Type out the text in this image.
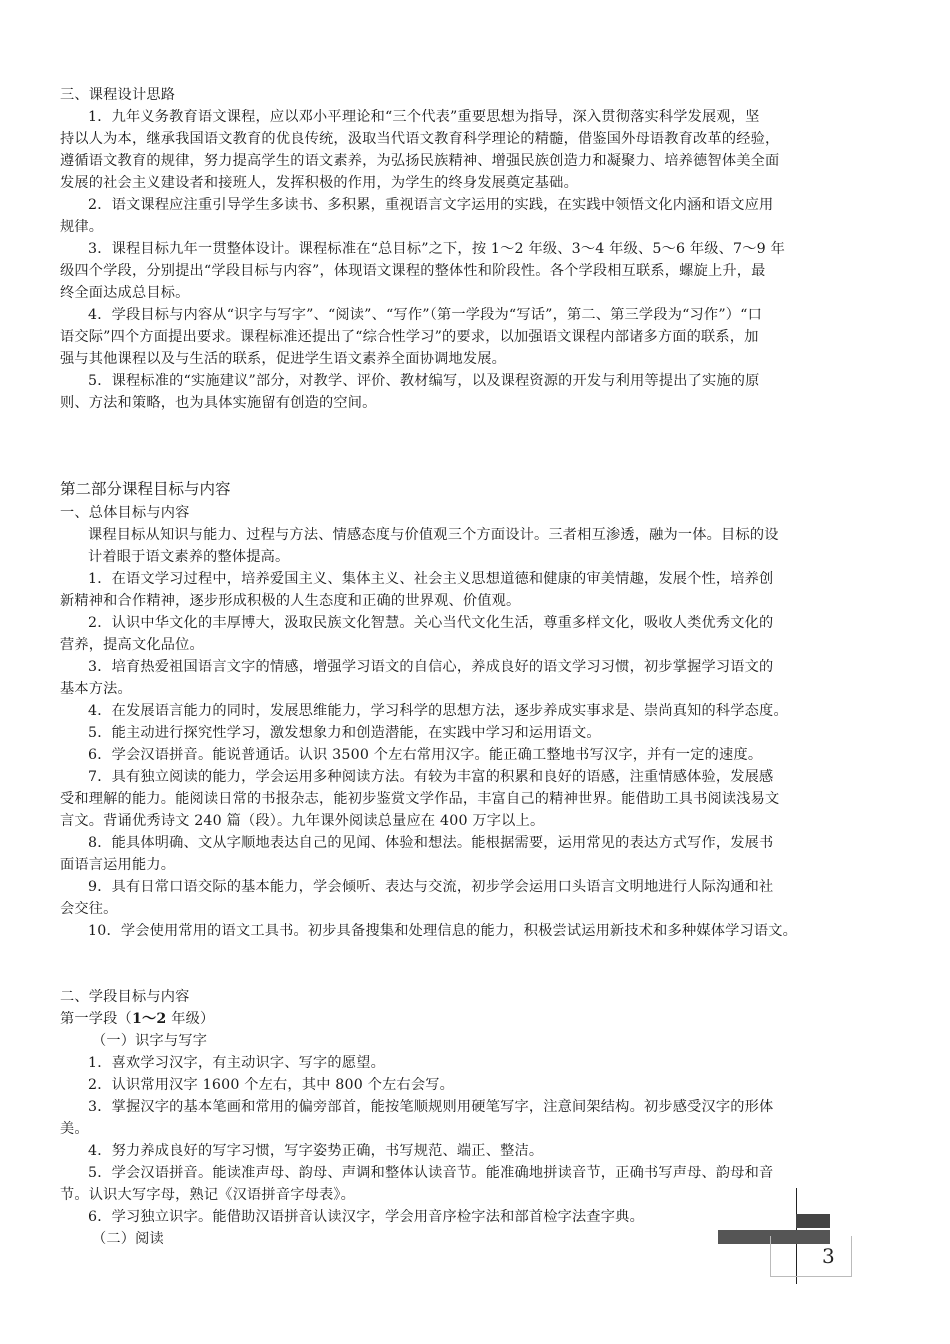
三、课程设计思路

1．九年义务教育语文课程，应以邓小平理论和“三个代表”重要思想为指导，深入贯彻落实科学发展观，坚

持以人为本，继承我国语文教育的优良传统，汲取当代语文教育科学理论的精髓，借鉴国外母语教育改革的经验，

遵循语文教育的规律，努力提高学生的语文素养，为弘扬民族精神、增强民族创造力和凝聚力、培养德智体美全面

发展的社会主义建设者和接班人，发挥积极的作用，为学生的终身发展奠定基础。

2．语文课程应注重引导学生多读书、多积累，重视语言文字运用的实践，在实践中领悟文化内涵和语文应用

规律。

3．课程目标九年一贯整体设计。课程标准在“总目标”之下，按 1～2 年级、3～4 年级、5～6 年级、7～9 年

级四个学段，分别提出“学段目标与内容”，体现语文课程的整体性和阶段性。各个学段相互联系，螺旋上升，最

终全面达成总目标。

4．学段目标与内容从“识字与写字”、“阅读”、“写作”（第一学段为“写话”，第二、第三学段为“习作”）“口

语交际”四个方面提出要求。课程标准还提出了“综合性学习”的要求，以加强语文课程内部诸多方面的联系，加

强与其他课程以及与生活的联系，促进学生语文素养全面协调地发展。

5．课程标准的“实施建议”部分，对教学、评价、教材编写，以及课程资源的开发与利用等提出了实施的原

则、方法和策略，也为具体实施留有创造的空间。

第二部分课程目标与内容

一、总体目标与内容

课程目标从知识与能力、过程与方法、情感态度与价值观三个方面设计。三者相互渗透，融为一体。目标的设

计着眼于语文素养的整体提高。

1．在语文学习过程中，培养爱国主义、集体主义、社会主义思想道德和健康的审美情趣，发展个性，培养创

新精神和合作精神，逐步形成积极的人生态度和正确的世界观、价值观。

2．认识中华文化的丰厚博大，汲取民族文化智慧。关心当代文化生活，尊重多样文化，吸收人类优秀文化的

营养，提高文化品位。

3．培育热爱祖国语言文字的情感，增强学习语文的自信心，养成良好的语文学习习惯，初步掌握学习语文的

基本方法。

4．在发展语言能力的同时，发展思维能力，学习科学的思想方法，逐步养成实事求是、崇尚真知的科学态度。

5．能主动进行探究性学习，激发想象力和创造潜能，在实践中学习和运用语文。

6．学会汉语拼音。能说普通话。认识 3500 个左右常用汉字。能正确工整地书写汉字，并有一定的速度。

7．具有独立阅读的能力，学会运用多种阅读方法。有较为丰富的积累和良好的语感，注重情感体验，发展感

受和理解的能力。能阅读日常的书报杂志，能初步鉴赏文学作品，丰富自己的精神世界。能借助工具书阅读浅易文

言文。背诵优秀诗文 240 篇（段）。九年课外阅读总量应在 400 万字以上。

8．能具体明确、文从字顺地表达自己的见闻、体验和想法。能根据需要，运用常见的表达方式写作，发展书

面语言运用能力。

9．具有日常口语交际的基本能力，学会倾听、表达与交流，初步学会运用口头语言文明地进行人际沟通和社

会交往。

10．学会使用常用的语文工具书。初步具备搜集和处理信息的能力，积极尝试运用新技术和多种媒体学习语文。

二、学段目标与内容

第一学段（1～2 年级）

（一）识字与写字

1．喜欢学习汉字，有主动识字、写字的愿望。

2．认识常用汉字 1600 个左右，其中 800 个左右会写。

3．掌握汉字的基本笔画和常用的偏旁部首，能按笔顺规则用硬笔写字，注意间架结构。初步感受汉字的形体

美。

4．努力养成良好的写字习惯，写字姿势正确，书写规范、端正、整洁。

5．学会汉语拼音。能读准声母、韵母、声调和整体认读音节。能准确地拼读音节，正确书写声母、韵母和音

节。认识大写字母，熟记《汉语拼音字母表》。

6．学习独立识字。能借助汉语拼音认读汉字，学会用音序检字法和部首检字法查字典。

（二）阅读

3
